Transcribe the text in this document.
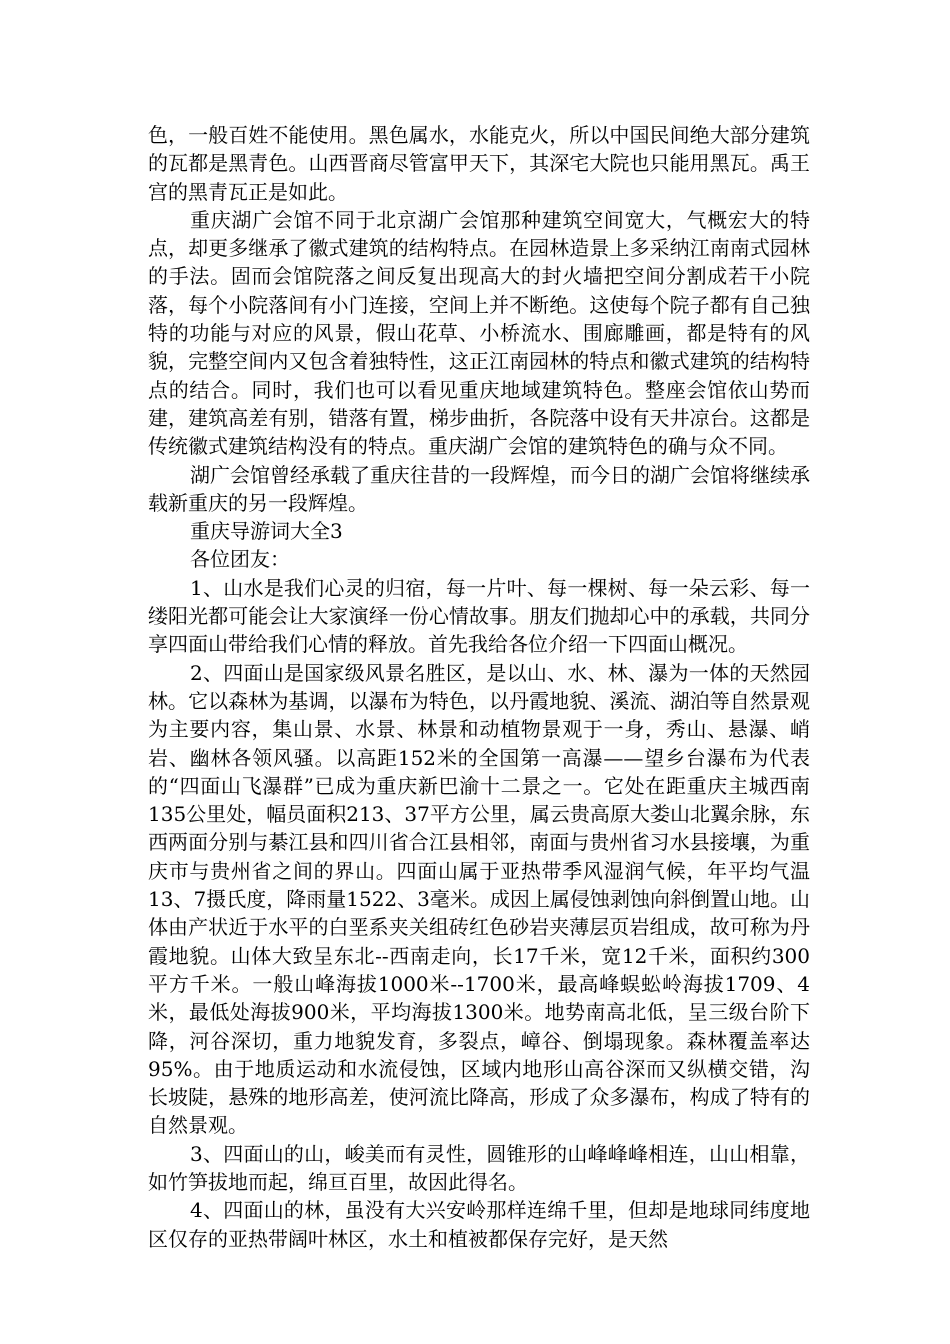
色，一般百姓不能使用。黑色属水，水能克火，所以中国民间绝大部分建筑的瓦都是黑青色。山西晋商尽管富甲天下，其深宅大院也只能用黑瓦。禹王宫的黑青瓦正是如此。

重庆湖广会馆不同于北京湖广会馆那种建筑空间宽大，气概宏大的特点，却更多继承了徽式建筑的结构特点。在园林造景上多采纳江南南式园林的手法。固而会馆院落之间反复出现高大的封火墙把空间分割成若干小院落，每个小院落间有小门连接，空间上并不断绝。这使每个院子都有自己独特的功能与对应的风景，假山花草、小桥流水、围廊雕画，都是特有的风貌，完整空间内又包含着独特性，这正江南园林的特点和徽式建筑的结构特点的结合。同时，我们也可以看见重庆地域建筑特色。整座会馆依山势而建，建筑高差有别，错落有置，梯步曲折，各院落中设有天井凉台。这都是传统徽式建筑结构没有的特点。重庆湖广会馆的建筑特色的确与众不同。

湖广会馆曾经承载了重庆往昔的一段辉煌，而今日的湖广会馆将继续承载新重庆的另一段辉煌。

重庆导游词大全3

各位团友：

1、山水是我们心灵的归宿，每一片叶、每一棵树、每一朵云彩、每一缕阳光都可能会让大家演绎一份心情故事。朋友们抛却心中的承载，共同分享四面山带给我们心情的释放。首先我给各位介绍一下四面山概况。

2、四面山是国家级风景名胜区，是以山、水、林、瀑为一体的天然园林。它以森林为基调，以瀑布为特色，以丹霞地貌、溪流、湖泊等自然景观为主要内容，集山景、水景、林景和动植物景观于一身，秀山、悬瀑、峭岩、幽林各领风骚。以高距152米的全国第一高瀑——望乡台瀑布为代表的“四面山飞瀑群”已成为重庆新巴渝十二景之一。它处在距重庆主城西南135公里处，幅员面积213、37平方公里，属云贵高原大娄山北翼余脉，东西两面分别与綦江县和四川省合江县相邻，南面与贵州省习水县接壤，为重庆市与贵州省之间的界山。四面山属于亚热带季风湿润气候，年平均气温13、7摄氏度，降雨量1522、3毫米。成因上属侵蚀剥蚀向斜倒置山地。山体由产状近于水平的白垩系夹关组砖红色砂岩夹薄层页岩组成，故可称为丹霞地貌。山体大致呈东北--西南走向，长17千米，宽12千米，面积约300平方千米。一般山峰海拔1000米--1700米，最高峰蜈蚣岭海拔1709、4米，最低处海拔900米，平均海拔1300米。地势南高北低，呈三级台阶下降，河谷深切，重力地貌发育，多裂点，嶂谷、倒塌现象。森林覆盖率达95%。由于地质运动和水流侵蚀，区域内地形山高谷深而又纵横交错，沟长坡陡，悬殊的地形高差，使河流比降高，形成了众多瀑布，构成了特有的自然景观。

3、四面山的山，峻美而有灵性，圆锥形的山峰峰峰相连，山山相靠，如竹笋拔地而起，绵亘百里，故因此得名。

4、四面山的林，虽没有大兴安岭那样连绵千里，但却是地球同纬度地区仅存的亚热带阔叶林区，水土和植被都保存完好，是天然
